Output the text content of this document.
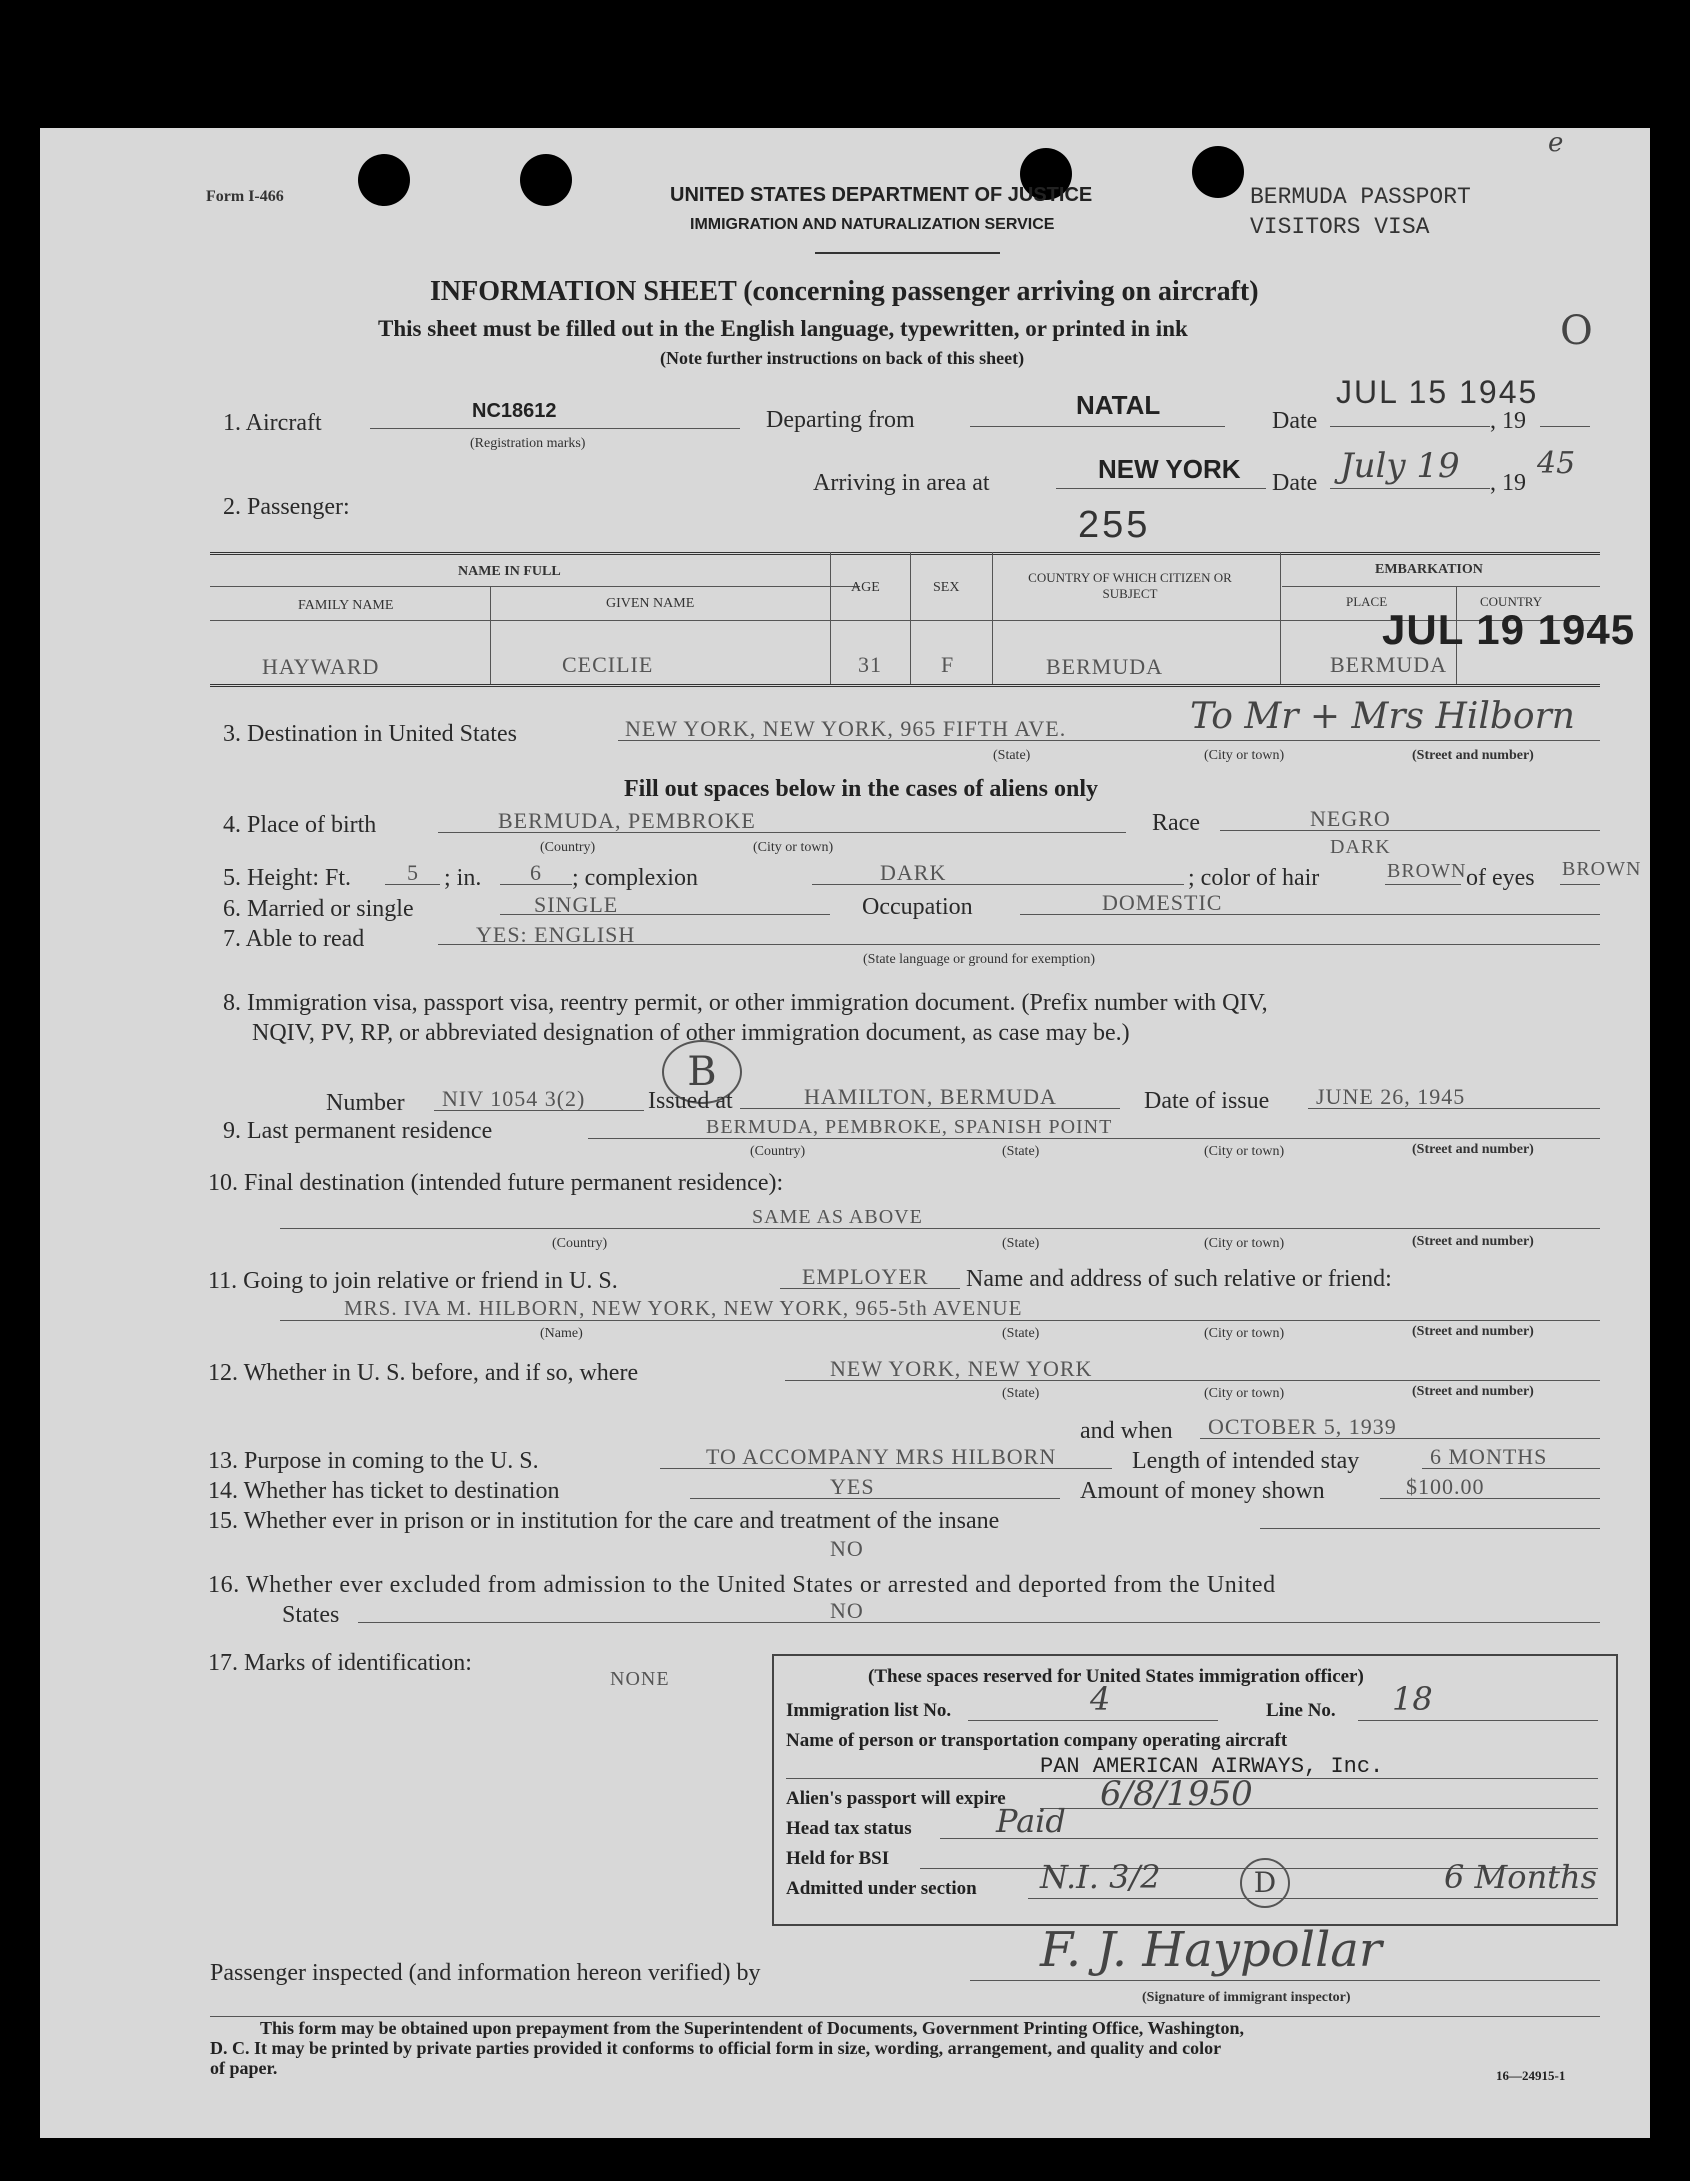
Form I-466	UNITED STATES DEPARTMENT OF JUSTICE
IMMIGRATION AND NATURALIZATION SERVICE
BERMUDA PASSPORT
VISITORS VISA
e
O
INFORMATION SHEET (concerning passenger arriving on aircraft)
This sheet must be filled out in the English language, typewritten, or printed in ink
(Note further instructions on back of this sheet)
1. Aircraft	NC18612
(Registration marks)
Departing from	NATAL
Date
JUL 15 1945
, 19
Arriving in area at	NEW YORK Date July 19 , 19
45
2. Passenger:	255
NAME IN FULL
FAMILY NAME	GIVEN NAME
AGE	SEX
COUNTRY OF WHICH CITIZEN OR SUBJECT
EMBARKATION
PLACE	COUNTRY
HAYWARD	CECILIE	31	F	BERMUDA	BERMUDA
JUL 19 1945
3. Destination in United States	NEW YORK, NEW YORK, 965 FIFTH AVE.	To Mr + Mrs Hilborn
(State)	(City or town)	(Street and number)
Fill out spaces below in the cases of aliens only
4. Place of birth	BERMUDA, PEMBROKE
(Country)	(City or town)
Race	NEGRO
DARK
5. Height: Ft.	5 ; in. 6 ; complexion	DARK	; color of hair	BROWN of eyes BROWN
6. Married or single	SINGLE	Occupation	DOMESTIC
7. Able to read	YES: ENGLISH
(State language or ground for exemption)
8. Immigration visa, passport visa, reentry permit, or other immigration document. (Prefix number with QIV,
NQIV, PV, RP, or abbreviated designation of other immigration document, as case may be.)
B
Number NIV 1054 3(2)	Issued at	HAMILTON, BERMUDA	Date of issue JUNE 26, 1945
9. Last permanent residence	BERMUDA, PEMBROKE, SPANISH POINT
(Country)	(State)	(City or town)	(Street and number)
10. Final destination (intended future permanent residence):
SAME AS ABOVE
(Country)	(State)	(City or town)	(Street and number)
11. Going to join relative or friend in U. S.	EMPLOYER Name and address of such relative or friend:
MRS. IVA M. HILBORN, NEW YORK, NEW YORK, 965-5th AVENUE
(Name)	(State)	(City or town)	(Street and number)
12. Whether in U. S. before, and if so, where	NEW YORK, NEW YORK
(State)	(City or town)	(Street and number)
and when OCTOBER 5, 1939
13. Purpose in coming to the U. S.	TO ACCOMPANY MRS HILBORN	Length of intended stay	6 MONTHS
14. Whether has ticket to destination	YES	Amount of money shown	$100.00
15. Whether ever in prison or in institution for the care and treatment of the insane
NO
16. Whether ever excluded from admission to the United States or arrested and deported from the United
States	NO
17. Marks of identification:
NONE	(These spaces reserved for United States immigration officer)
Immigration list No.	4	Line No. 18
Name of person or transportation company operating aircraft
PAN AMERICAN AIRWAYS, Inc.
Alien's passport will expire	6/8/1950
Head tax status	Paid
Held for BSI
Admitted under section N.I. 3/2	D	6 Months
Passenger inspected (and information hereon verified) by	F. J. Haypollar
(Signature of immigrant inspector)
This form may be obtained upon prepayment from the Superintendent of Documents, Government Printing Office, Washington,
D. C. It may be printed by private parties provided it conforms to official form in size, wording, arrangement, and quality and color
of paper.	16—24915-1
